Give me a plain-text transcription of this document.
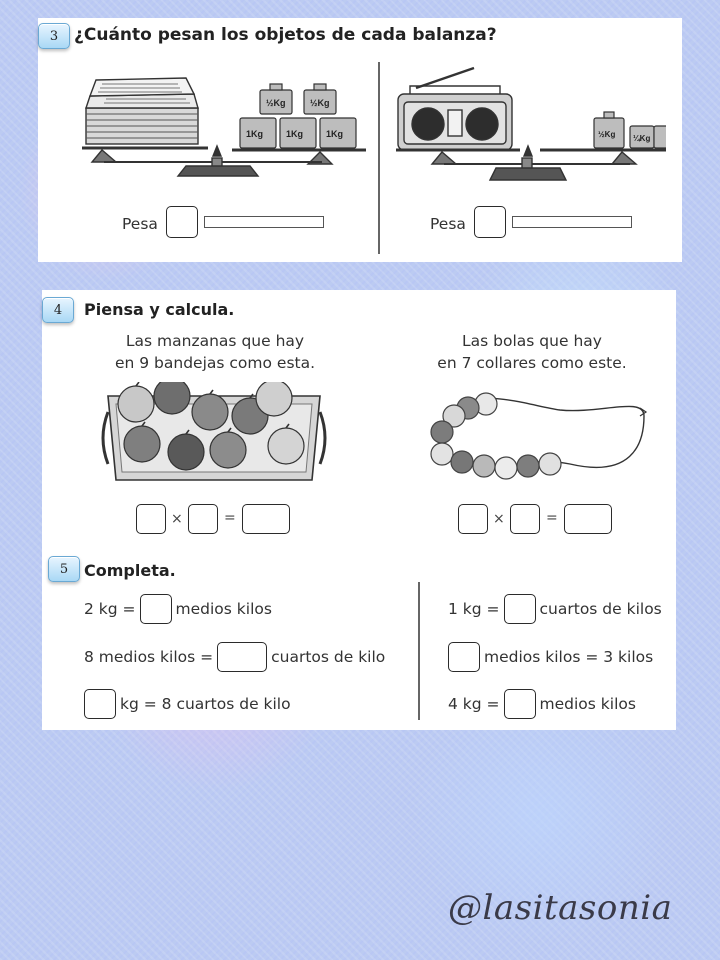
3 ¿Cuánto pesan los objetos de cada balanza?
½Kg	½Kg
1Kg	1Kg	1Kg	½Kg ¼Kg
Pesa	Pesa
4 Piensa y calcula.
Las manzanas que hay
en 9 bandejas como esta.
Las bolas que hay
en 7 collares como este.
×	=	×	=
5 Completa.
2 kg =	medios kilos
8 medios kilos =	cuartos de kilo
kg = 8 cuartos de kilo
1 kg =	cuartos de kilos
medios kilos = 3 kilos
4 kg =	medios kilos
@lasitasonia
